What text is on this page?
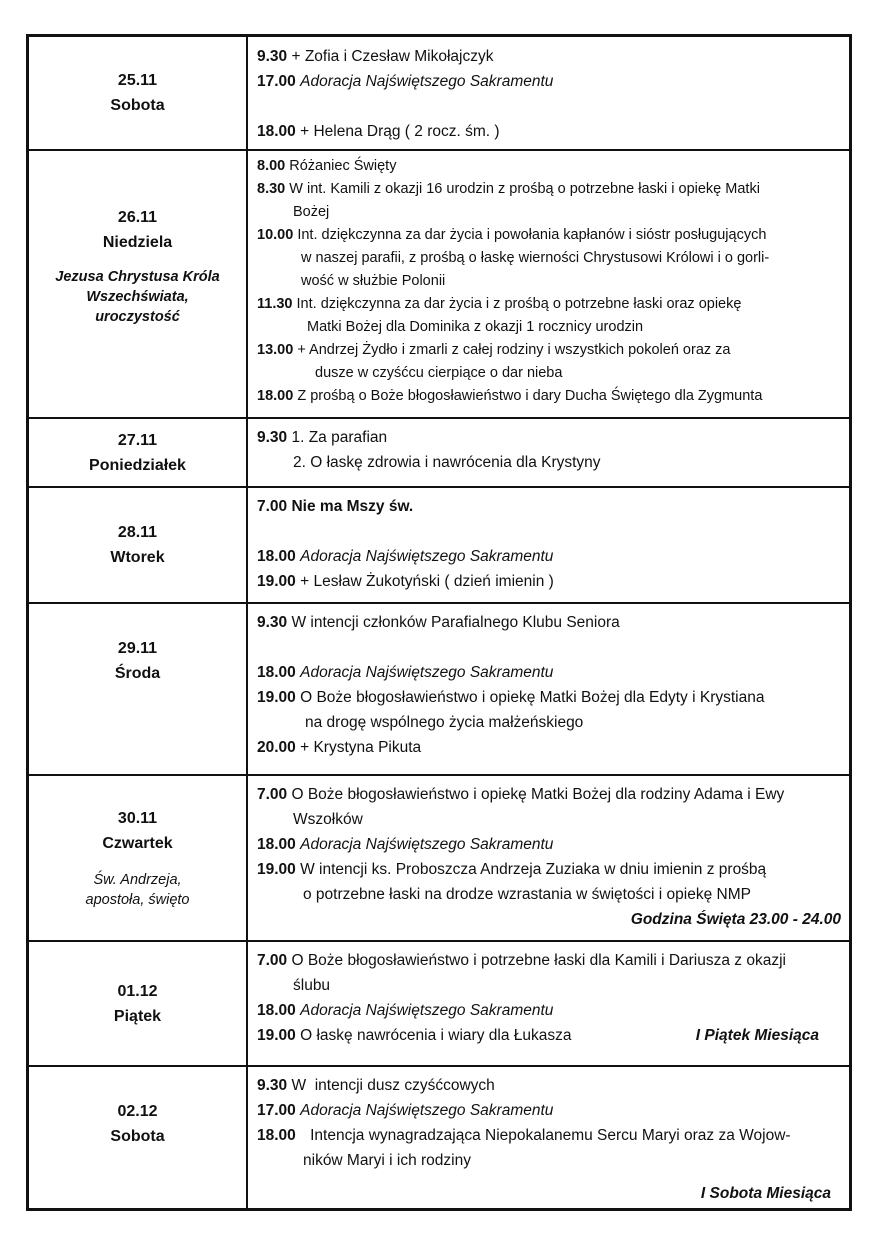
25.11
Sobota
9.30 + Zofia i Czesław Mikołajczyk
17.00 Adoracja Najświętszego Sakramentu
18.00 + Helena Drąg ( 2 rocz. śm. )
26.11
Niedziela
Jezusa Chrystusa Króla Wszechświata, uroczystość
8.00 Różaniec Święty
8.30 W int. Kamili z okazji 16 urodzin z prośbą o potrzebne łaski i opiekę Matki
Bożej
10.00 Int. dziękczynna za dar życia i powołania kapłanów i sióstr posługujących
w naszej parafii, z prośbą o łaskę wierności Chrystusowi Królowi i o gorli-
wość w służbie Polonii
11.30 Int. dziękczynna za dar życia i z prośbą o potrzebne łaski oraz opiekę
Matki Bożej dla Dominika z okazji 1 rocznicy urodzin
13.00 + Andrzej Żydło i zmarli z całej rodziny i wszystkich pokoleń oraz za
dusze w czyśćcu cierpiące o dar nieba
18.00 Z prośbą o Boże błogosławieństwo i dary Ducha Świętego dla Zygmunta
27.11
Poniedziałek
9.30 1. Za parafian
2. O łaskę zdrowia i nawrócenia dla Krystyny
28.11
Wtorek
7.00 Nie ma Mszy św.
18.00 Adoracja Najświętszego Sakramentu
19.00 + Lesław Żukotyński ( dzień imienin )
29.11
Środa
9.30 W intencji członków Parafialnego Klubu Seniora
18.00 Adoracja Najświętszego Sakramentu
19.00 O Boże błogosławieństwo i opiekę Matki Bożej dla Edyty i Krystiana
na drogę wspólnego życia małżeńskiego
20.00 + Krystyna Pikuta
30.11
Czwartek
Św. Andrzeja, apostoła, święto
7.00 O Boże błogosławieństwo i opiekę Matki Bożej dla rodziny Adama i Ewy
Wszołków
18.00 Adoracja Najświętszego Sakramentu
19.00 W intencji ks. Proboszcza Andrzeja Zuziaka w dniu imienin z prośbą
o potrzebne łaski na drodze wzrastania w świętości i opiekę NMP
Godzina Święta 23.00 - 24.00
01.12
Piątek
7.00 O Boże błogosławieństwo i potrzebne łaski dla Kamili i Dariusza z okazji
ślubu
18.00 Adoracja Najświętszego Sakramentu
19.00 O łaskę nawrócenia i wiary dla Łukasza	I Piątek Miesiąca
02.12
Sobota
9.30 W  intencji dusz czyśćcowych
17.00 Adoracja Najświętszego Sakramentu
18.00 Intencja wynagradzająca Niepokalanemu Sercu Maryi oraz za Wojow-
ników Maryi i ich rodziny
I Sobota Miesiąca
